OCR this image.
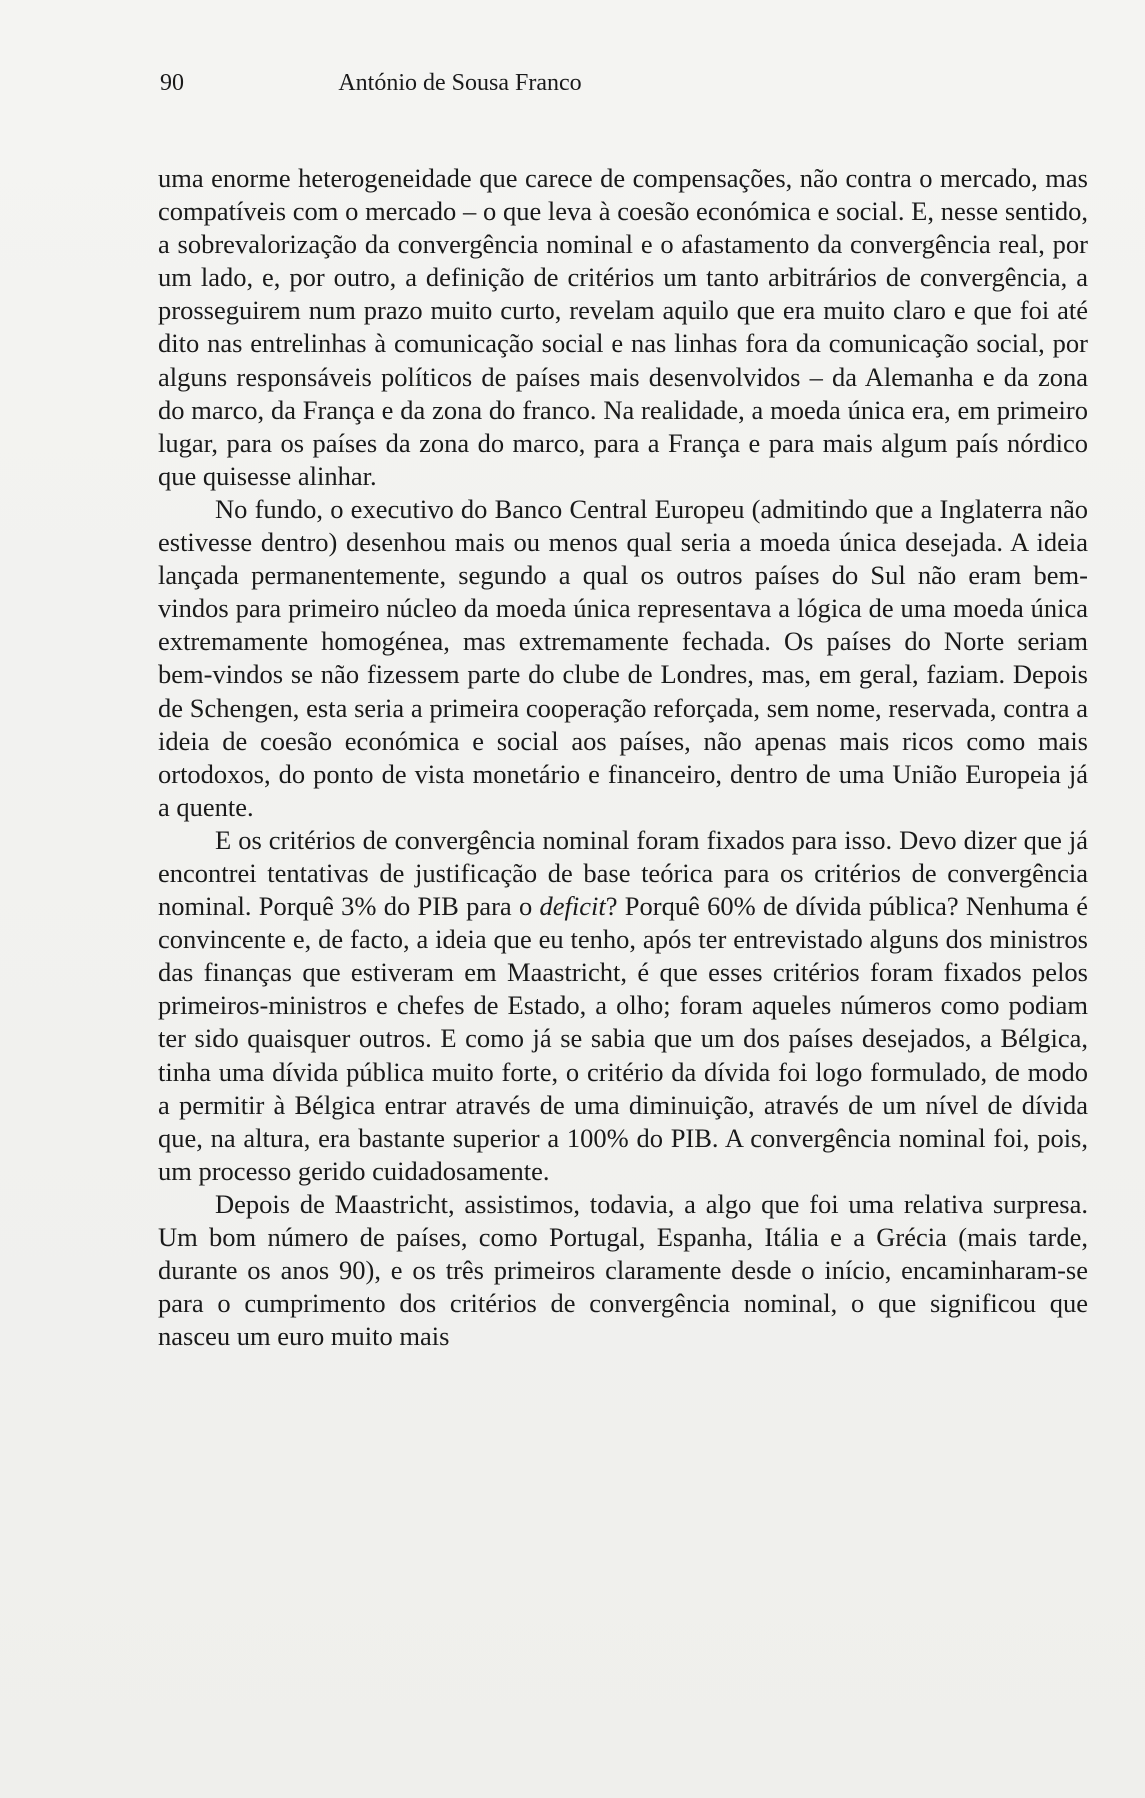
90	António de Sousa Franco

uma enorme heterogeneidade que carece de compensações, não contra o mercado, mas compatíveis com o mercado – o que leva à coesão económica e social. E, nesse sentido, a sobrevalorização da convergência nominal e o afastamento da convergência real, por um lado, e, por outro, a definição de critérios um tanto arbitrários de convergência, a prosseguirem num prazo muito curto, revelam aquilo que era muito claro e que foi até dito nas entrelinhas à comunicação social e nas linhas fora da comunicação social, por alguns responsáveis políticos de países mais desenvolvidos – da Alemanha e da zona do marco, da França e da zona do franco. Na realidade, a moeda única era, em primeiro lugar, para os países da zona do marco, para a França e para mais algum país nórdico que quisesse alinhar.

No fundo, o executivo do Banco Central Europeu (admitindo que a Inglaterra não estivesse dentro) desenhou mais ou menos qual seria a moeda única desejada. A ideia lançada permanentemente, segundo a qual os outros países do Sul não eram bem-vindos para primeiro núcleo da moeda única representava a lógica de uma moeda única extremamente homogénea, mas extremamente fechada. Os países do Norte seriam bem-vindos se não fizessem parte do clube de Londres, mas, em geral, faziam. Depois de Schengen, esta seria a primeira cooperação reforçada, sem nome, reservada, contra a ideia de coesão económica e social aos países, não apenas mais ricos como mais ortodoxos, do ponto de vista monetário e financeiro, dentro de uma União Europeia já a quente.

E os critérios de convergência nominal foram fixados para isso. Devo dizer que já encontrei tentativas de justificação de base teórica para os critérios de convergência nominal. Porquê 3% do PIB para o deficit? Porquê 60% de dívida pública? Nenhuma é convincente e, de facto, a ideia que eu tenho, após ter entrevistado alguns dos ministros das finanças que estiveram em Maastricht, é que esses critérios foram fixados pelos primeiros-ministros e chefes de Estado, a olho; foram aqueles números como podiam ter sido quaisquer outros. E como já se sabia que um dos países desejados, a Bélgica, tinha uma dívida pública muito forte, o critério da dívida foi logo formulado, de modo a permitir à Bélgica entrar através de uma diminuição, através de um nível de dívida que, na altura, era bastante superior a 100% do PIB. A convergência nominal foi, pois, um processo gerido cuidadosamente.

Depois de Maastricht, assistimos, todavia, a algo que foi uma relativa surpresa. Um bom número de países, como Portugal, Espanha, Itália e a Grécia (mais tarde, durante os anos 90), e os três primeiros claramente desde o início, encaminharam-se para o cumprimento dos critérios de convergência nominal, o que significou que nasceu um euro muito mais
